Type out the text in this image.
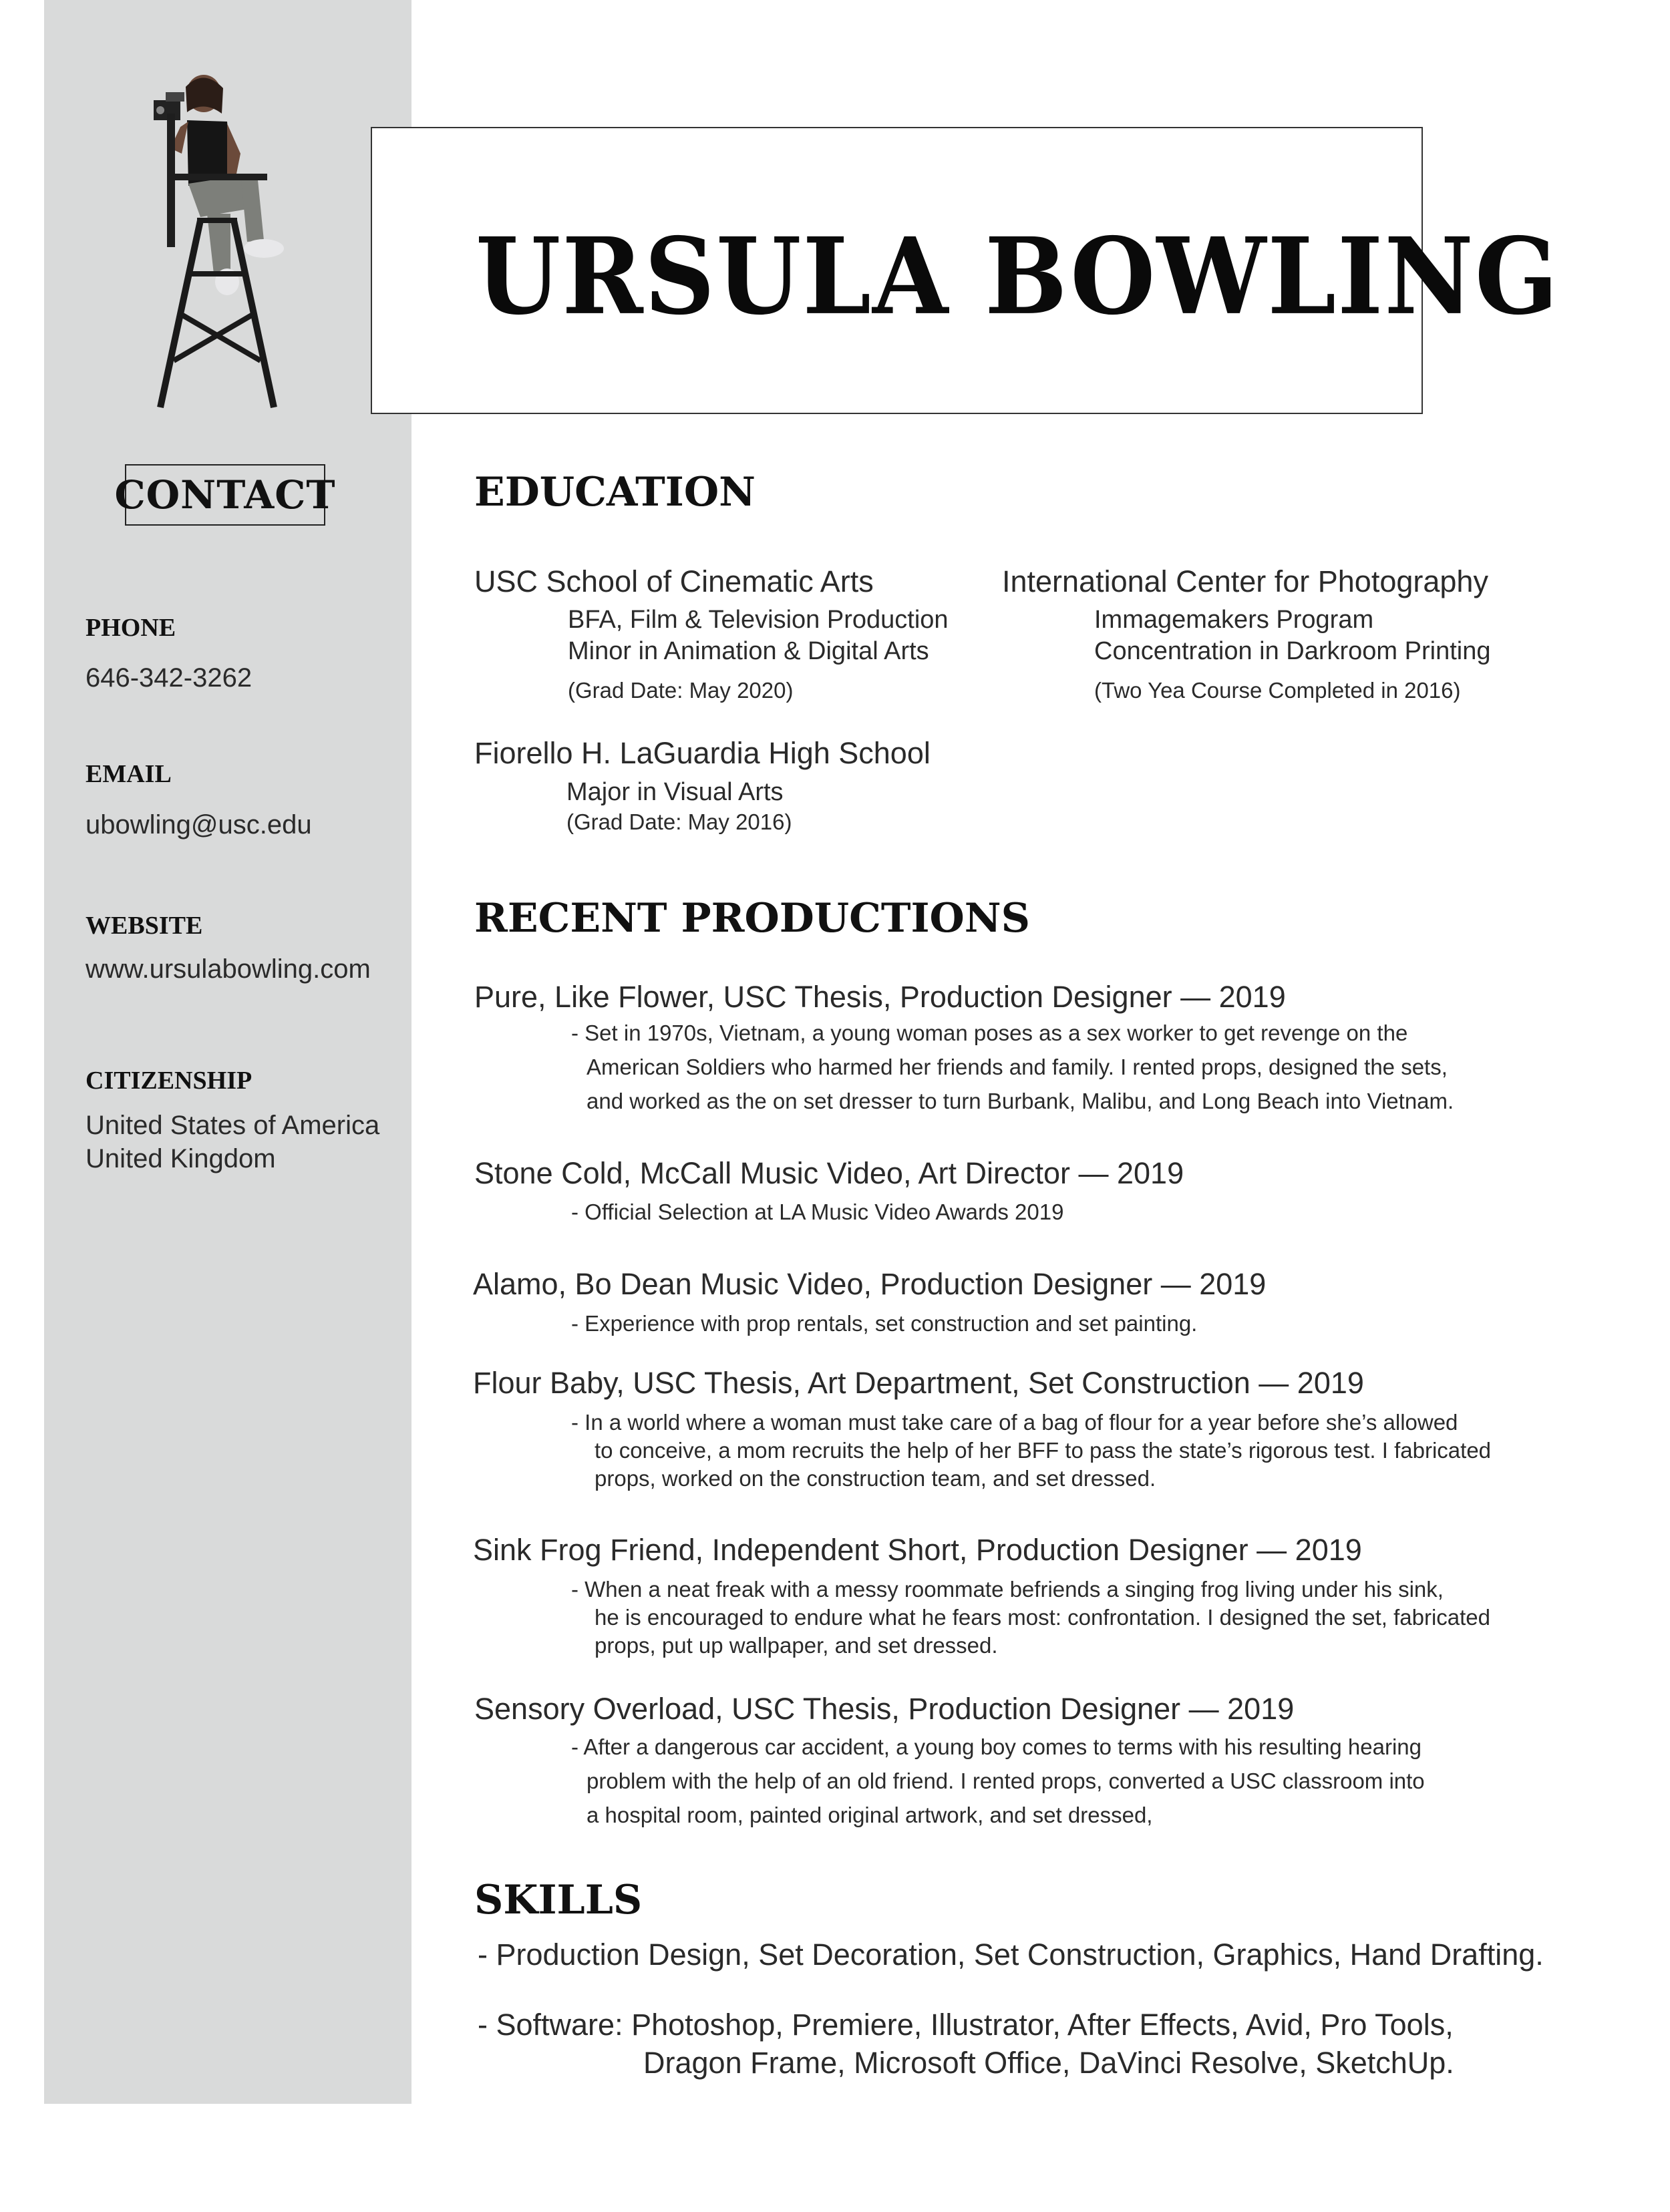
CONTACT
PHONE
646-342-3262
EMAIL
ubowling@usc.edu
WEBSITE
www.ursulabowling.com
CITIZENSHIP
United States of America
United Kingdom
URSULA BOWLING
EDUCATION
USC School of Cinematic Arts
BFA, Film & Television Production
Minor in Animation & Digital Arts
(Grad Date: May 2020)
International Center for Photography
Immagemakers Program
Concentration in Darkroom Printing
(Two Yea Course Completed in 2016)
Fiorello H. LaGuardia High School
Major in Visual Arts
(Grad Date: May 2016)
RECENT PRODUCTIONS
Pure, Like Flower, USC Thesis, Production Designer — 2019
- Set in 1970s, Vietnam, a young woman poses as a sex worker to get revenge on the
American Soldiers who harmed her friends and family. I rented props, designed the sets,
and worked as the on set dresser to turn Burbank, Malibu, and Long Beach into Vietnam.
Stone Cold, McCall Music Video, Art Director — 2019
- Official Selection at LA Music Video Awards 2019
Alamo, Bo Dean Music Video, Production Designer — 2019
- Experience with prop rentals, set construction and set painting.
Flour Baby, USC Thesis, Art Department, Set Construction — 2019
- In a world where a woman must take care of a bag of flour for a year before she’s allowed
to conceive, a mom recruits the help of her BFF to pass the state’s rigorous test. I fabricated
props, worked on the construction team, and set dressed.
Sink Frog Friend, Independent Short, Production Designer — 2019
- When a neat freak with a messy roommate befriends a singing frog living under his sink,
he is encouraged to endure what he fears most: confrontation. I designed the set, fabricated
props, put up wallpaper, and set dressed.
Sensory Overload, USC Thesis, Production Designer — 2019
- After a dangerous car accident, a young boy comes to terms with his resulting hearing
problem with the help of an old friend. I rented props, converted a USC classroom into
a hospital room, painted original artwork, and set dressed,
SKILLS
- Production Design, Set Decoration, Set Construction, Graphics, Hand Drafting.
- Software: Photoshop, Premiere, Illustrator, After Effects, Avid, Pro Tools,
Dragon Frame, Microsoft Office, DaVinci Resolve, SketchUp.
